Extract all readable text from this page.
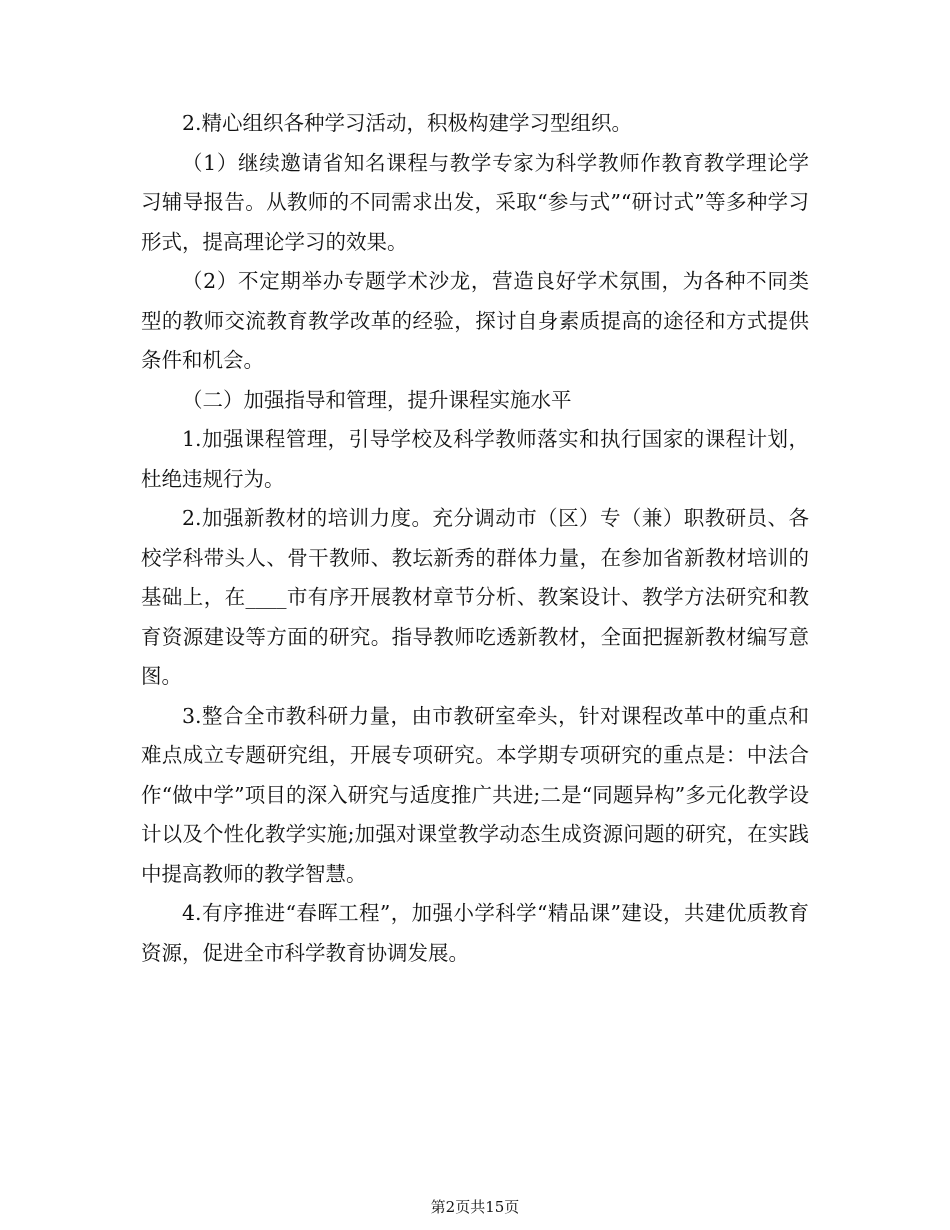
2.精心组织各种学习活动，积极构建学习型组织。

（1）继续邀请省知名课程与教学专家为科学教师作教育教学理论学习辅导报告。从教师的不同需求出发，采取“参与式”“研讨式”等多种学习形式，提高理论学习的效果。

（2）不定期举办专题学术沙龙，营造良好学术氛围，为各种不同类型的教师交流教育教学改革的经验，探讨自身素质提高的途径和方式提供条件和机会。

（二）加强指导和管理，提升课程实施水平

1.加强课程管理，引导学校及科学教师落实和执行国家的课程计划，杜绝违规行为。

2.加强新教材的培训力度。充分调动市（区）专（兼）职教研员、各校学科带头人、骨干教师、教坛新秀的群体力量，在参加省新教材培训的基础上，在____市有序开展教材章节分析、教案设计、教学方法研究和教育资源建设等方面的研究。指导教师吃透新教材，全面把握新教材编写意图。

3.整合全市教科研力量，由市教研室牵头，针对课程改革中的重点和难点成立专题研究组，开展专项研究。本学期专项研究的重点是：中法合作“做中学”项目的深入研究与适度推广共进;二是“同题异构”多元化教学设计以及个性化教学实施;加强对课堂教学动态生成资源问题的研究，在实践中提高教师的教学智慧。

4.有序推进“春晖工程”，加强小学科学“精品课”建设，共建优质教育资源，促进全市科学教育协调发展。

第2页共15页
